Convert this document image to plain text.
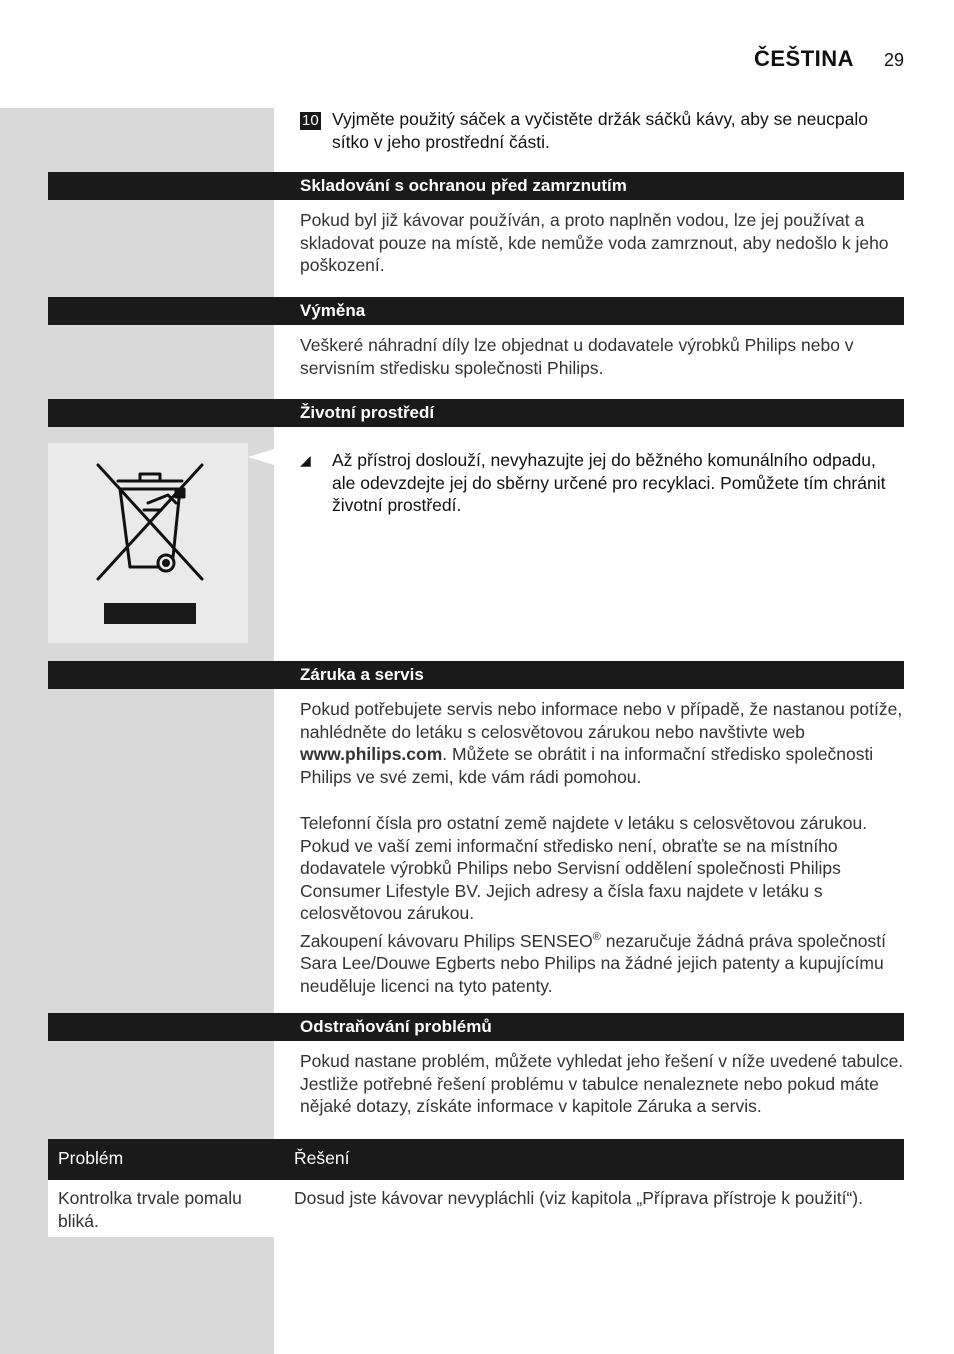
ČEŠTINA 29
10 Vyjměte použitý sáček a vyčistěte držák sáčků kávy, aby se neucpalo sítko v jeho prostřední části.
Skladování s ochranou před zamrznutím
Pokud byl již kávovar používán, a proto naplněn vodou, lze jej používat a skladovat pouze na místě, kde nemůže voda zamrznout, aby nedošlo k jeho poškození.
Výměna
Veškeré náhradní díly lze objednat u dodavatele výrobků Philips nebo v servisním středisku společnosti Philips.
Životní prostředí
◢ Až přístroj doslouží, nevyhazujte jej do běžného komunálního odpadu, ale odevzdejte jej do sběrny určené pro recyklaci. Pomůžete tím chránit životní prostředí.
Záruka a servis
Pokud potřebujete servis nebo informace nebo v případě, že nastanou potíže, nahlédněte do letáku s celosvětovou zárukou nebo navštivte web www.philips.com. Můžete se obrátit i na informační středisko společnosti Philips ve své zemi, kde vám rádi pomohou.
Telefonní čísla pro ostatní země najdete v letáku s celosvětovou zárukou. Pokud ve vaší zemi informační středisko není, obraťte se na místního dodavatele výrobků Philips nebo Servisní oddělení společnosti Philips Consumer Lifestyle BV. Jejich adresy a čísla faxu najdete v letáku s celosvětovou zárukou.
Zakoupení kávovaru Philips SENSEO® nezaručuje žádná práva společností Sara Lee/Douwe Egberts nebo Philips na žádné jejich patenty a kupujícímu neuděluje licenci na tyto patenty.
Odstraňování problémů
Pokud nastane problém, můžete vyhledat jeho řešení v níže uvedené tabulce. Jestliže potřebné řešení problému v tabulce nenaleznete nebo pokud máte nějaké dotazy, získáte informace v kapitole Záruka a servis.
Problém	Řešení
Kontrolka trvale pomalu bliká.
Dosud jste kávovar nevypláchli (viz kapitola „Příprava přístroje k použití“).
